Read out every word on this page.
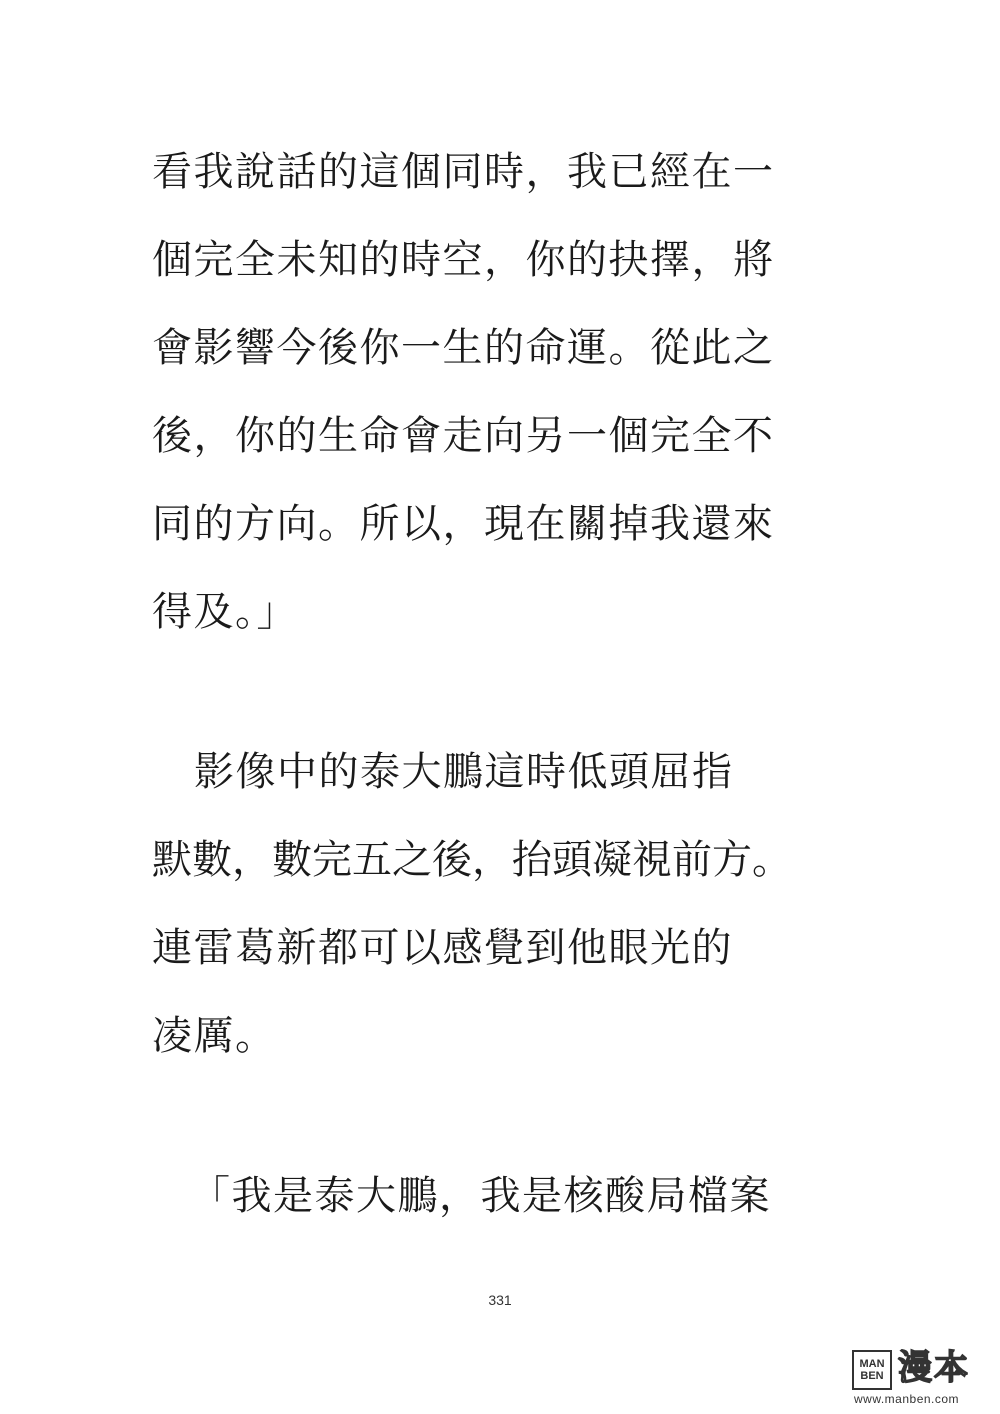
看我說話的這個同時，我已經在一
個完全未知的時空，你的抉擇，將
會影響今後你一生的命運。從此之
後，你的生命會走向另一個完全不
同的方向。所以，現在關掉我還來
得及。」
影像中的泰大鵬這時低頭屈指
默數，數完五之後，抬頭凝視前方。
連雷葛新都可以感覺到他眼光的
凌厲。
「我是泰大鵬，我是核酸局檔案
331
MAN
BEN 漫本
www.manben.com
